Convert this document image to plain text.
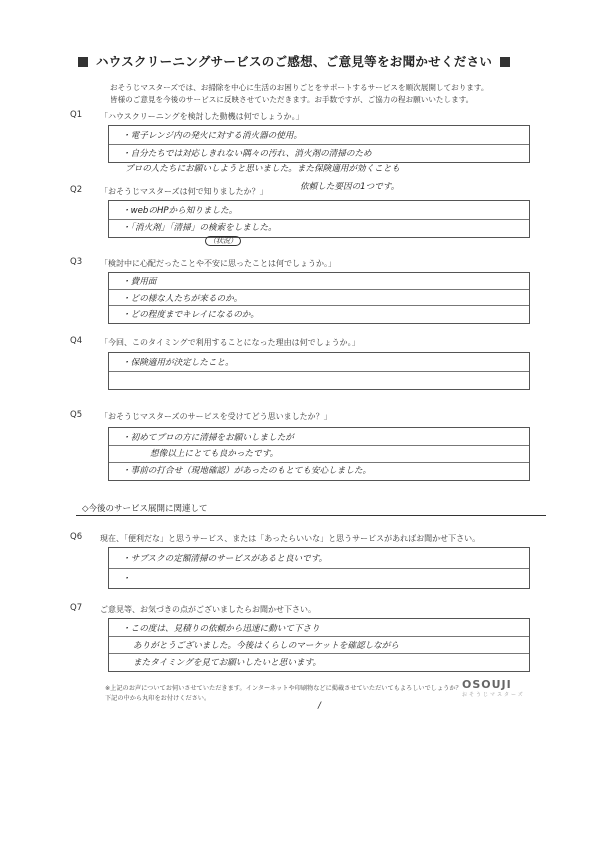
ハウスクリーニングサービスのご感想、ご意見等をお聞かせください
おそうじマスターズでは、お掃除を中心に生活のお困りごとをサポートするサービスを順次展開しております。
皆様のご意見を今後のサービスに反映させていただきます。お手数ですが、ご協力の程お願いいたします。
Q1 「ハウスクリーニングを検討した動機は何でしょうか。」
・電子レンジ内の発火に対する消火器の使用。
・自分たちでは対応しきれない隅々の汚れ、消火剤の清掃のため
プロの人たちにお願いしようと思いました。また保険適用が効くことも
依頼した要因の1つです。
Q2 「おそうじマスターズは何で知りましたか？」
・webのHPから知りました。
・「消火剤」「清掃」の検索をしました。
（状況）
Q3 「検討中に心配だったことや不安に思ったことは何でしょうか。」
・費用面
・どの様な人たちが来るのか。
・どの程度までキレイになるのか。
Q4 「今回、このタイミングで利用することになった理由は何でしょうか。」
・保険適用が決定したこと。
Q5 「おそうじマスターズのサービスを受けてどう思いましたか？」
・初めてプロの方に清掃をお願いしましたが
想像以上にとても良かったです。
・事前の打合せ（現地確認）があったのもとても安心しました。
◇今後のサービス展開に関連して
Q6 現在、「便利だな」と思うサービス、または「あったらいいな」と思うサービスがあればお聞かせ下さい。
・サブスクの定額清掃のサービスがあると良いです。
・
Q7 ご意見等、お気づきの点がございましたらお聞かせ下さい。
・この度は、見積りの依頼から迅速に動いて下さり
ありがとうございました。今後はくらしのマーケットを確認しながら
またタイミングを見てお願いしたいと思います。
※上記のお声についてお伺いさせていただきます。インターネットや印刷物などに掲載させていただいてもよろしいでしょうか？
下記の中から丸印をお付けください。
/
OSOUJI
おそうじマスターズ
